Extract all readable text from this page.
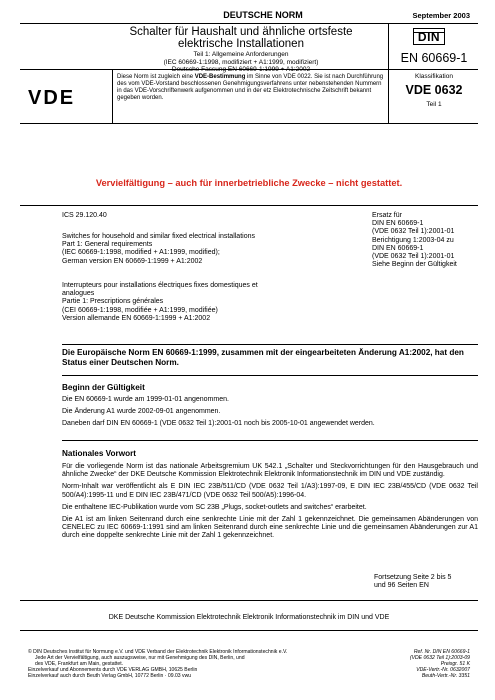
DEUTSCHE NORM	September 2003
Schalter für Haushalt und ähnliche ortsfeste
elektrische Installationen
Teil 1: Allgemeine Anforderungen
(IEC 60669-1:1998, modifiziert + A1:1999, modifiziert)
Deutsche Fassung EN 60669-1:1999 + A1:2002
DIN
EN 60669-1
VDE
Diese Norm ist zugleich eine VDE-Bestimmung im Sinne von VDE 0022. Sie ist nach Durchführung des vom VDE-Vorstand beschlossenen Genehmigungsverfahrens unter nebenstehenden Nummern in das VDE-Vorschriftenwerk aufgenommen und in der etz Elektrotechnische Zeitschrift bekannt gegeben worden.
Klassifikation
VDE 0632
Teil 1
Vervielfältigung – auch für innerbetriebliche Zwecke – nicht gestattet.
ICS 29.120.40
Switches for household and similar fixed electrical installations
Part 1: General requirements
(IEC 60669-1:1998, modified + A1:1999, modified);
German version EN 60669-1:1999 + A1:2002
Interrupteurs pour installations électriques fixes domestiques et
analogues
Partie 1: Prescriptions générales
(CEI 60669-1:1998, modifiée + A1:1999, modifiée)
Version allemande EN 60669-1:1999 + A1:2002
Ersatz für
DIN EN 60669-1
(VDE 0632 Teil 1):2001-01
Berichtigung 1:2003-04 zu
DIN EN 60669-1
(VDE 0632 Teil 1):2001-01
Siehe Beginn der Gültigkeit
Die Europäische Norm EN 60669-1:1999, zusammen mit der eingearbeiteten Änderung A1:2002, hat den Status einer Deutschen Norm.
Beginn der Gültigkeit

Die EN 60669-1 wurde am 1999-01-01 angenommen.

Die Änderung A1 wurde 2002-09-01 angenommen.

Daneben darf DIN EN 60669-1 (VDE 0632 Teil 1):2001-01 noch bis 2005-10-01 angewendet werden.

Nationales Vorwort

Für die vorliegende Norm ist das nationale Arbeitsgremium UK 542.1 „Schalter und Steckvorrichtungen für den Hausgebrauch und ähnliche Zwecke“ der DKE Deutsche Kommission Elektrotechnik Elektronik Informationstechnik im DIN und VDE zuständig.

Norm-Inhalt war veröffentlicht als E DIN IEC 23B/511/CD (VDE 0632 Teil 1/A3):1997-09, E DIN IEC 23B/455/CD (VDE 0632 Teil 500/A4):1995-11 und E DIN IEC 23B/471/CD (VDE 0632 Teil 500/A5):1996-04.

Die enthaltene IEC-Publikation wurde vom SC 23B „Plugs, socket-outlets and switches“ erarbeitet.

Die A1 ist am linken Seitenrand durch eine senkrechte Linie mit der Zahl 1 gekennzeichnet. Die gemeinsamen Abänderungen von CENELEC zu IEC 60669-1:1991 sind am linken Seitenrand durch eine senkrechte Linie und die gemeinsamen Abänderungen zur A1 durch eine doppelte senkrechte Linie mit der Zahl 1 gekennzeichnet.

Fortsetzung Seite 2 bis 5
und 96 Seiten EN
DKE Deutsche Kommission Elektrotechnik Elektronik Informationstechnik im DIN und VDE
© DIN Deutsches Institut für Normung e.V. und VDE Verband der Elektrotechnik Elektronik Informationstechnik e.V.
Jede Art der Vervielfältigung, auch auszugsweise, nur mit Genehmigung des DIN, Berlin, und
des VDE, Frankfurt am Main, gestattet.
Einzelverkauf und Abonnements durch VDE VERLAG GMBH, 10625 Berlin
Einzelverkauf auch durch Beuth Verlag GmbH, 10772 Berlin · 09.03 vwu
Ref. Nr. DIN EN 60669-1
(VDE 0632 Teil 1):2003-09
Preisgr. 51 K
VDE-Vertr.-Nr. 0632007
Beuth-Vertr.-Nr. 3351
